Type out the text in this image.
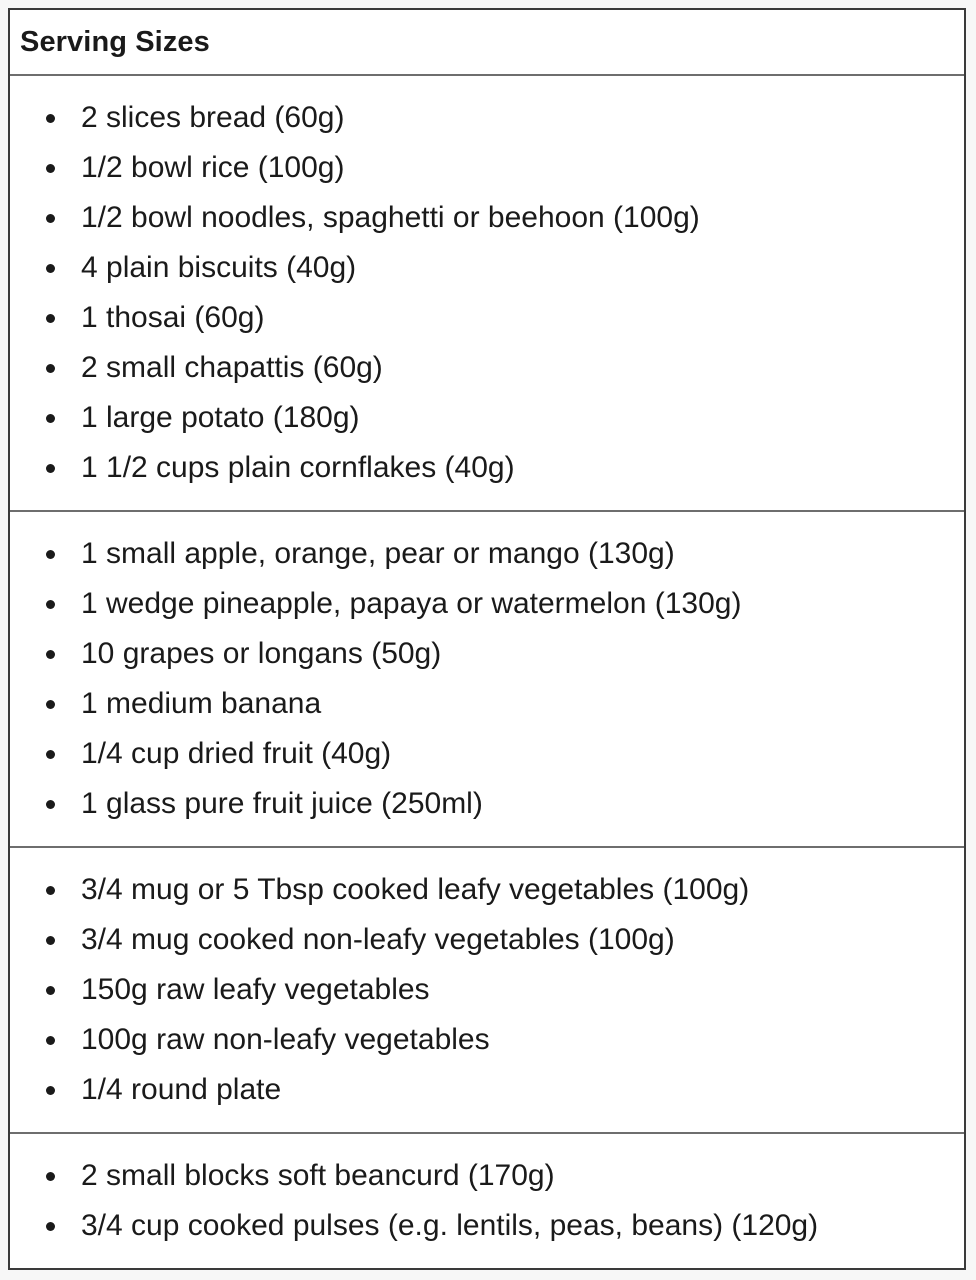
Serving Sizes
2 slices bread (60g)
1/2 bowl rice (100g)
1/2 bowl noodles, spaghetti or beehoon (100g)
4 plain biscuits (40g)
1 thosai (60g)
2 small chapattis (60g)
1 large potato (180g)
1 1/2 cups plain cornflakes (40g)
1 small apple, orange, pear or mango (130g)
1 wedge pineapple, papaya or watermelon (130g)
10 grapes or longans (50g)
1 medium banana
1/4 cup dried fruit (40g)
1 glass pure fruit juice (250ml)
3/4 mug or 5 Tbsp cooked leafy vegetables (100g)
3/4 mug cooked non-leafy vegetables (100g)
150g raw leafy vegetables
100g raw non-leafy vegetables
1/4 round plate
2 small blocks soft beancurd (170g)
3/4 cup cooked pulses (e.g. lentils, peas, beans) (120g)
